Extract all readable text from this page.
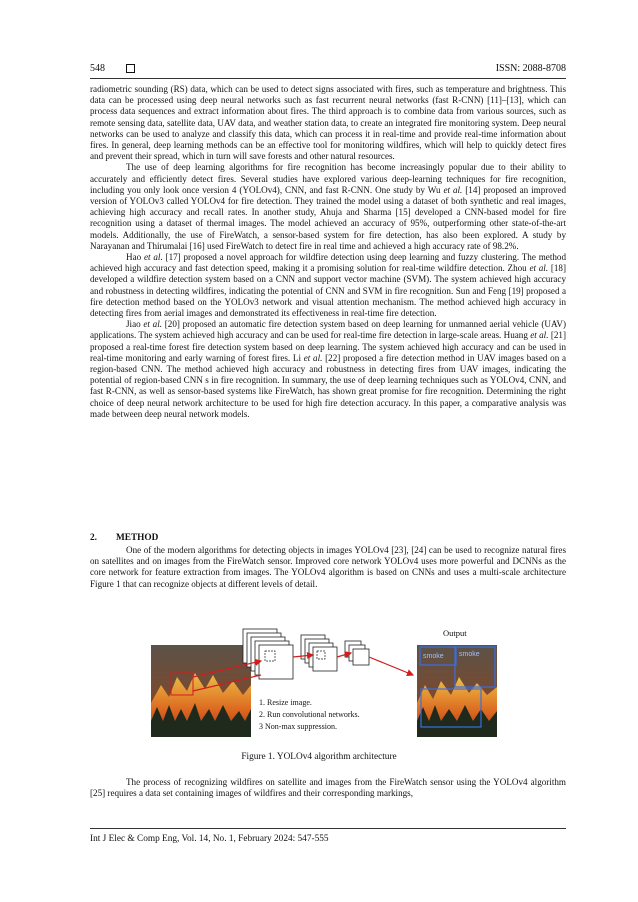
548	ISSN: 2088-8708

radiometric sounding (RS) data, which can be used to detect signs associated with fires, such as temperature and brightness. This data can be processed using deep neural networks such as fast recurrent neural networks (fast R-CNN) [11]–[13], which can process data sequences and extract information about fires. The third approach is to combine data from various sources, such as remote sensing data, satellite data, UAV data, and weather station data, to create an integrated fire monitoring system. Deep neural networks can be used to analyze and classify this data, which can process it in real-time and provide real-time information about fires. In general, deep learning methods can be an effective tool for monitoring wildfires, which will help to quickly detect fires and prevent their spread, which in turn will save forests and other natural resources.

The use of deep learning algorithms for fire recognition has become increasingly popular due to their ability to accurately and efficiently detect fires. Several studies have explored various deep-learning techniques for fire recognition, including you only look once version 4 (YOLOv4), CNN, and fast R-CNN. One study by Wu et al. [14] proposed an improved version of YOLOv3 called YOLOv4 for fire detection. They trained the model using a dataset of both synthetic and real images, achieving high accuracy and recall rates. In another study, Ahuja and Sharma [15] developed a CNN-based model for fire recognition using a dataset of thermal images. The model achieved an accuracy of 95%, outperforming other state-of-the-art models. Additionally, the use of FireWatch, a sensor-based system for fire detection, has also been explored. A study by Narayanan and Thirumalai [16] used FireWatch to detect fire in real time and achieved a high accuracy rate of 98.2%.

Hao et al. [17] proposed a novel approach for wildfire detection using deep learning and fuzzy clustering. The method achieved high accuracy and fast detection speed, making it a promising solution for real-time wildfire detection. Zhou et al. [18] developed a wildfire detection system based on a CNN and support vector machine (SVM). The system achieved high accuracy and robustness in detecting wildfires, indicating the potential of CNN and SVM in fire recognition. Sun and Feng [19] proposed a fire detection method based on the YOLOv3 network and visual attention mechanism. The method achieved high accuracy in detecting fires from aerial images and demonstrated its effectiveness in real-time fire detection.

Jiao et al. [20] proposed an automatic fire detection system based on deep learning for unmanned aerial vehicle (UAV) applications. The system achieved high accuracy and can be used for real-time fire detection in large-scale areas. Huang et al. [21] proposed a real-time forest fire detection system based on deep learning. The system achieved high accuracy and can be used in real-time monitoring and early warning of forest fires. Li et al. [22] proposed a fire detection method in UAV images based on a region-based CNN. The method achieved high accuracy and robustness in detecting fires from UAV images, indicating the potential of region-based CNN s in fire recognition. In summary, the use of deep learning techniques such as YOLOv4, CNN, and fast R-CNN, as well as sensor-based systems like FireWatch, has shown great promise for fire recognition. Determining the right choice of deep neural network architecture to be used for high fire detection accuracy. In this paper, a comparative analysis was made between deep neural network models.

2. METHOD

One of the modern algorithms for detecting objects in images YOLOv4 [23], [24] can be used to recognize natural fires on satellites and on images from the FireWatch sensor. Improved core network YOLOv4 uses more powerful and DCNNs as the core network for feature extraction from images. The YOLOv4 algorithm is based on CNNs and uses a multi-scale architecture Figure 1 that can recognize objects at different levels of detail.

1. Resize image.
2. Run convolutional networks.
3 Non-max suppression.
Output
smoke smoke
Figure 1. YOLOv4 algorithm architecture

The process of recognizing wildfires on satellite and images from the FireWatch sensor using the YOLOv4 algorithm [25] requires a data set containing images of wildfires and their corresponding markings,

Int J Elec & Comp Eng, Vol. 14, No. 1, February 2024: 547-555
